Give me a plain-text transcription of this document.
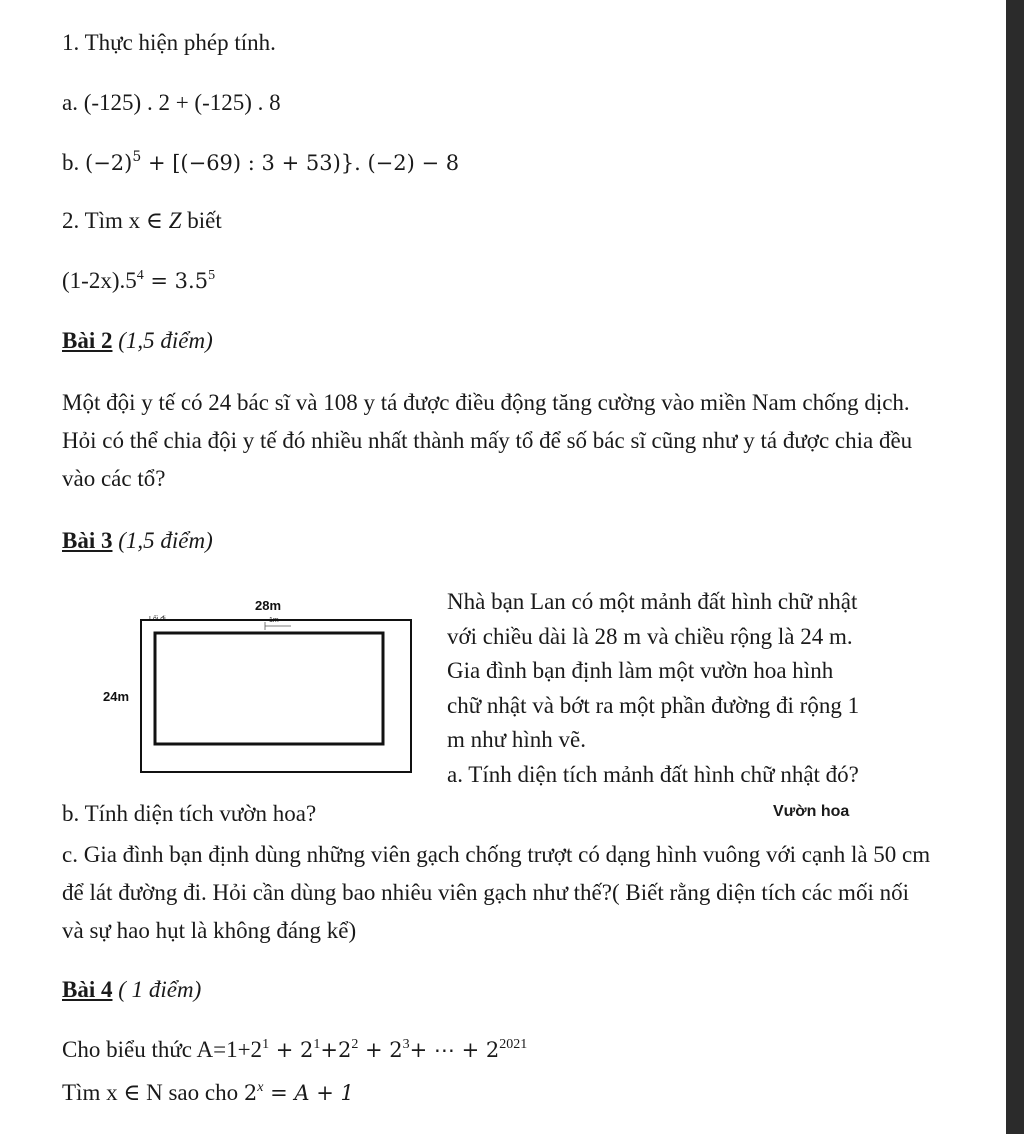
1. Thực hiện phép tính.
a. (-125) . 2 + (-125) . 8
b. $(-2)^5 + [(-69)$ : 3 + 53)}. (−2) − 8
2. Tìm x ∈ Z biết
$(1-2x).5^4 = 3.5^5$
Bài 2 (1,5 điểm)
Một đội y tế có 24 bác sĩ và 108 y tá được điều động tăng cường vào miền Nam chống dịch. Hỏi có thể chia đội y tế đó nhiều nhất thành mấy tổ để số bác sĩ cũng như y tá được chia đều vào các tổ?
Bài 3 (1,5 điểm)
28m
24m
Lối đi	1m
Nhà bạn Lan có một mảnh đất hình chữ nhật
với chiều dài là 28 m và chiều rộng là 24 m.
Gia đình bạn định làm một vườn hoa hình
chữ nhật và bớt ra một phần đường đi rộng 1
m như hình vẽ.
a. Tính diện tích mảnh đất hình chữ nhật đó?
b. Tính diện tích vườn hoa?	Vườn hoa
c. Gia đình bạn định dùng những viên gạch chống trượt có dạng hình vuông với cạnh là 50 cm để lát đường đi. Hỏi cần dùng bao nhiêu viên gạch như thế?( Biết rằng diện tích các mối nối và sự hao hụt là không đáng kể)
Bài 4 ( 1 điểm)
Cho biểu thức $A=1+2^1 + 2^1+2^2 + 2^3+$ ⋯ + $2^{2021}$
Tìm x ∈ N sao cho $2^x = A + 1$
